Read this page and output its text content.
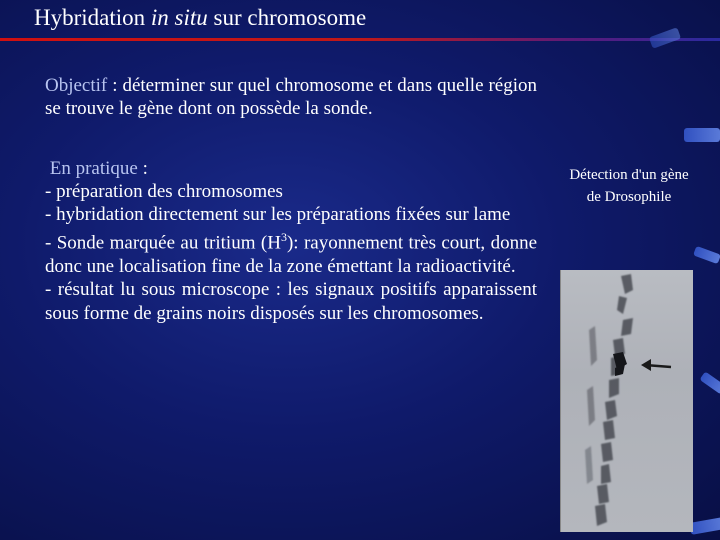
Hybridation in situ sur chromosome

Objectif : déterminer sur quel chromosome et dans quelle région se trouve le gène dont on possède la sonde.

En pratique :

- préparation des chromosomes

- hybridation directement sur les préparations fixées sur lame

- Sonde marquée au tritium $(H^3)$: rayonnement très court, donne donc une localisation fine de la zone émettant la radioactivité.

- résultat lu sous microscope : les signaux positifs apparaissent sous forme de grains noirs disposés sur les chromosomes.

Détection d'un gène de Drosophile
